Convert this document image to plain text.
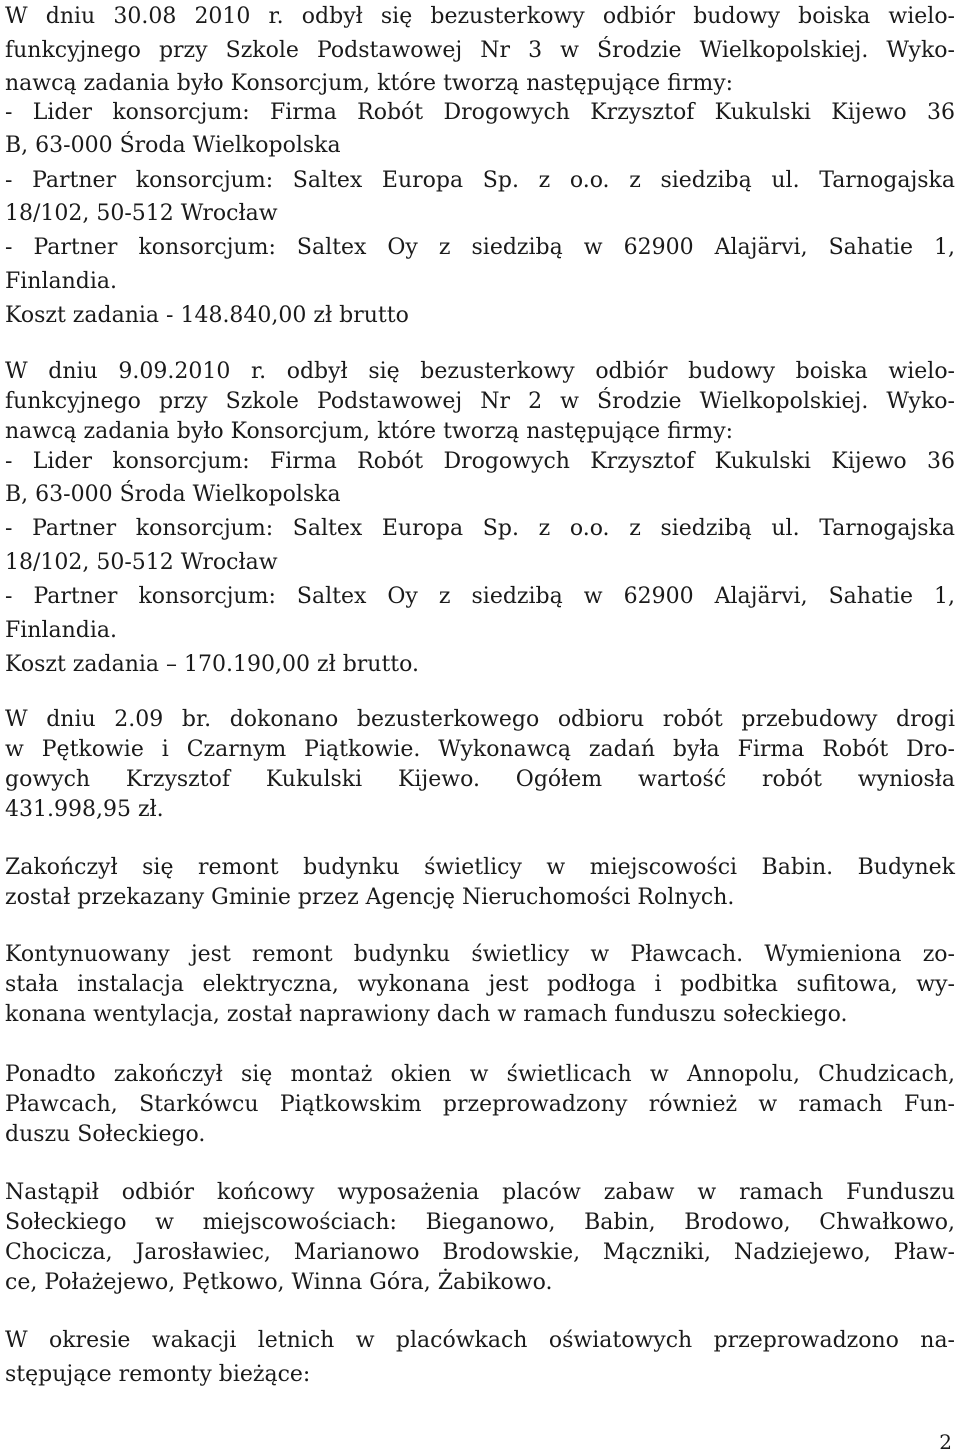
W dniu 30.08 2010 r. odbył się bezusterkowy odbiór budowy boiska wielo-
funkcyjnego przy Szkole Podstawowej Nr 3 w Środzie Wielkopolskiej. Wyko-
nawcą zadania było Konsorcjum, które tworzą następujące firmy:
- Lider konsorcjum: Firma Robót Drogowych Krzysztof Kukulski Kijewo 36
B, 63-000 Środa Wielkopolska
- Partner konsorcjum: Saltex Europa Sp. z o.o. z siedzibą ul. Tarnogajska
18/102, 50-512 Wrocław
- Partner konsorcjum: Saltex Oy z siedzibą w 62900 Alajärvi, Sahatie 1,
Finlandia.
Koszt zadania - 148.840,00 zł brutto
W dniu 9.09.2010 r. odbył się bezusterkowy odbiór budowy boiska wielo-
funkcyjnego przy Szkole Podstawowej Nr 2 w Środzie Wielkopolskiej. Wyko-
nawcą zadania było Konsorcjum, które tworzą następujące firmy:
- Lider konsorcjum: Firma Robót Drogowych Krzysztof Kukulski Kijewo 36
B, 63-000 Środa Wielkopolska
- Partner konsorcjum: Saltex Europa Sp. z o.o. z siedzibą ul. Tarnogajska
18/102, 50-512 Wrocław
- Partner konsorcjum: Saltex Oy z siedzibą w 62900 Alajärvi, Sahatie 1,
Finlandia.
Koszt zadania – 170.190,00 zł brutto.
W dniu 2.09 br. dokonano bezusterkowego odbioru robót przebudowy drogi
w Pętkowie i Czarnym Piątkowie. Wykonawcą zadań była Firma Robót Dro-
gowych Krzysztof Kukulski Kijewo. Ogółem wartość robót wyniosła
431.998,95 zł.
Zakończył się remont budynku świetlicy w miejscowości Babin. Budynek
został przekazany Gminie przez Agencję Nieruchomości Rolnych.
Kontynuowany jest remont budynku świetlicy w Pławcach. Wymieniona zo-
stała instalacja elektryczna, wykonana jest podłoga i podbitka sufitowa, wy-
konana wentylacja, został naprawiony dach w ramach funduszu sołeckiego.
Ponadto zakończył się montaż okien w świetlicach w Annopolu, Chudzicach,
Pławcach, Starkówcu Piątkowskim przeprowadzony również w ramach Fun-
duszu Sołeckiego.
Nastąpił odbiór końcowy wyposażenia placów zabaw w ramach Funduszu
Sołeckiego w miejscowościach: Bieganowo, Babin, Brodowo, Chwałkowo,
Chocicza, Jarosławiec, Marianowo Brodowskie, Mączniki, Nadziejewo, Pław-
ce, Połażejewo, Pętkowo, Winna Góra, Żabikowo.
W okresie wakacji letnich w placówkach oświatowych przeprowadzono na-
stępujące remonty bieżące:
2
